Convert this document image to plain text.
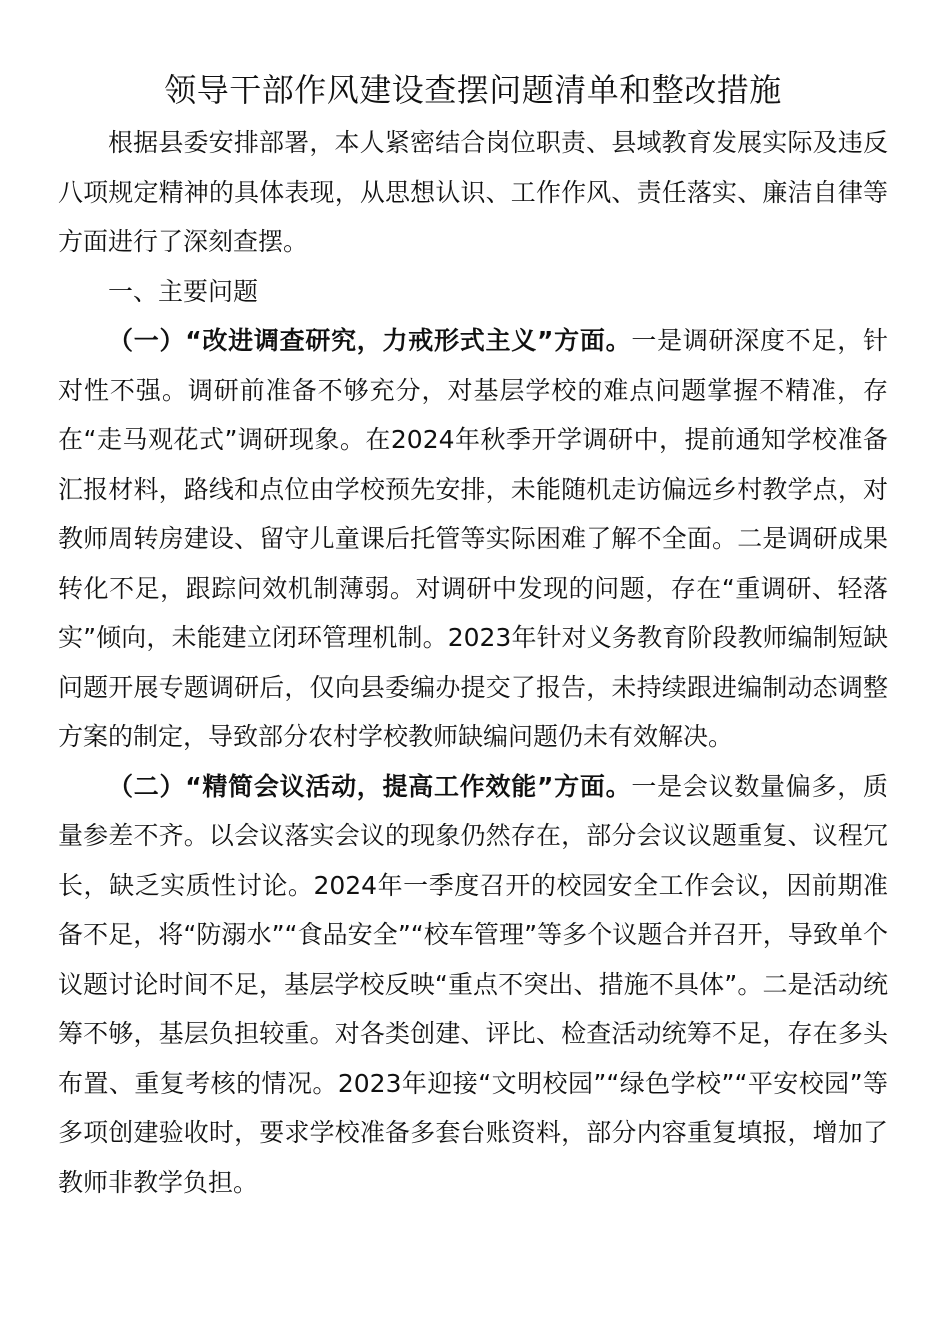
领导干部作风建设查摆问题清单和整改措施

根据县委安排部署，本人紧密结合岗位职责、县域教育发展实际及违反八项规定精神的具体表现，从思想认识、工作作风、责任落实、廉洁自律等方面进行了深刻查摆。

一、主要问题

（一）“改进调查研究，力戒形式主义”方面。一是调研深度不足，针对性不强。调研前准备不够充分，对基层学校的难点问题掌握不精准，存在“走马观花式”调研现象。在2024年秋季开学调研中，提前通知学校准备汇报材料，路线和点位由学校预先安排，未能随机走访偏远乡村教学点，对教师周转房建设、留守儿童课后托管等实际困难了解不全面。二是调研成果转化不足，跟踪问效机制薄弱。对调研中发现的问题，存在“重调研、轻落实”倾向，未能建立闭环管理机制。2023年针对义务教育阶段教师编制短缺问题开展专题调研后，仅向县委编办提交了报告，未持续跟进编制动态调整方案的制定，导致部分农村学校教师缺编问题仍未有效解决。

（二）“精简会议活动，提高工作效能”方面。一是会议数量偏多，质量参差不齐。以会议落实会议的现象仍然存在，部分会议议题重复、议程冗长，缺乏实质性讨论。2024年一季度召开的校园安全工作会议，因前期准备不足，将“防溺水”“食品安全”“校车管理”等多个议题合并召开，导致单个议题讨论时间不足，基层学校反映“重点不突出、措施不具体”。二是活动统筹不够，基层负担较重。对各类创建、评比、检查活动统筹不足，存在多头布置、重复考核的情况。2023年迎接“文明校园”“绿色学校”“平安校园”等多项创建验收时，要求学校准备多套台账资料，部分内容重复填报，增加了教师非教学负担。
